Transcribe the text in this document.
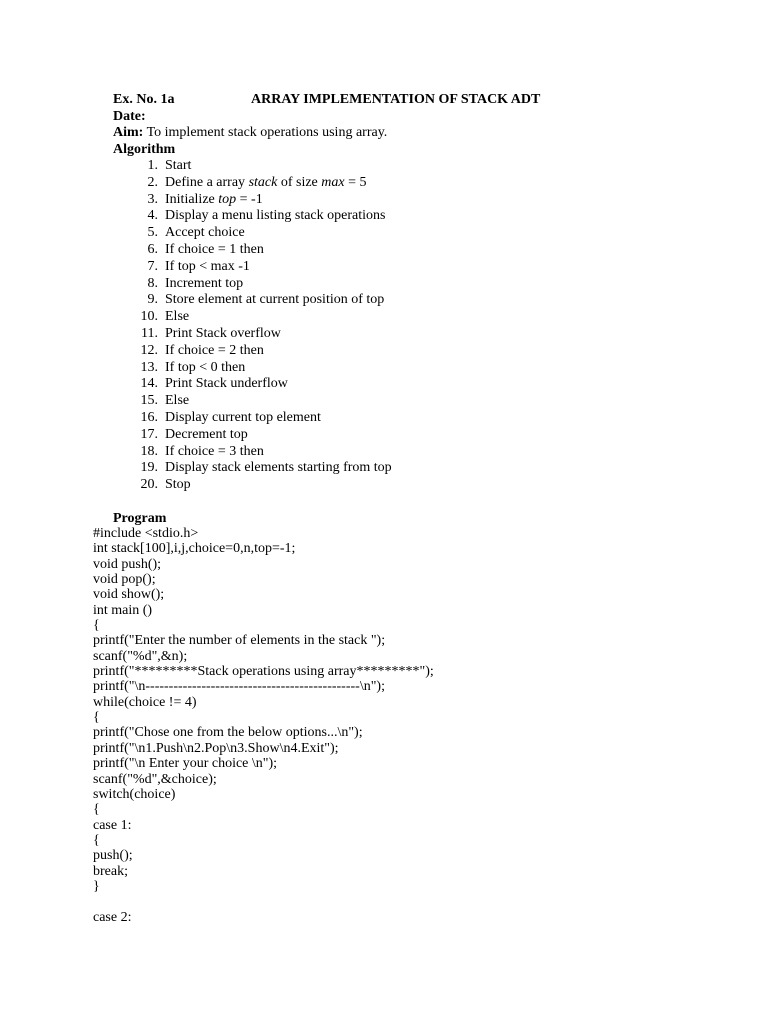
Ex. No. 1a	ARRAY IMPLEMENTATION OF STACK ADT
Date:
Aim: To implement stack operations using array.
Algorithm
1. Start
2. Define a array stack of size max = 5
3. Initialize top = -1
4. Display a menu listing stack operations
5. Accept choice
6. If choice = 1 then
7. If top < max -1
8. Increment top
9. Store element at current position of top
10. Else
11. Print Stack overflow
12. If choice = 2 then
13. If top < 0 then
14. Print Stack underflow
15. Else
16. Display current top element
17. Decrement top
18. If choice = 3 then
19. Display stack elements starting from top
20. Stop
Program
#include <stdio.h>
int stack[100],i,j,choice=0,n,top=-1;
void push();
void pop();
void show();
int main ()
{
printf("Enter the number of elements in the stack ");
scanf("%d",&n);
printf("*********Stack operations using array*********");
printf("\n----------------------------------------------\n");
while(choice != 4)
{
printf("Chose one from the below options...\n");
printf("\n1.Push\n2.Pop\n3.Show\n4.Exit");
printf("\n Enter your choice \n");
scanf("%d",&choice);
switch(choice)
{
case 1:
{
push();
break;
}
case 2:
